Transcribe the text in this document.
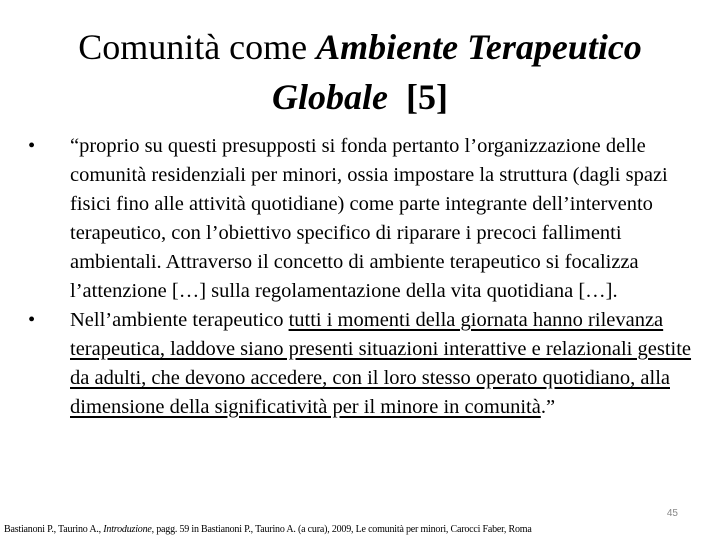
Comunità come Ambiente Terapeutico Globale [5]
•	“proprio su questi presupposti si fonda pertanto l’organizzazione delle comunità residenziali per minori, ossia impostare la struttura (dagli spazi fisici fino alle attività quotidiane) come parte integrante dell’intervento terapeutico, con l’obiettivo specifico di riparare i precoci fallimenti ambientali. Attraverso il concetto di ambiente terapeutico si focalizza l’attenzione […] sulla regolamentazione della vita quotidiana […].
•	Nell’ambiente terapeutico tutti i momenti della giornata hanno rilevanza terapeutica, laddove siano presenti situazioni interattive e relazionali gestite da adulti, che devono accedere, con il loro stesso operato quotidiano, alla dimensione della significatività per il minore in comunità.”
45
Bastianoni P., Taurino A., Introduzione, pagg. 59 in Bastianoni P., Taurino A. (a cura), 2009, Le comunità per minori, Carocci Faber, Roma
